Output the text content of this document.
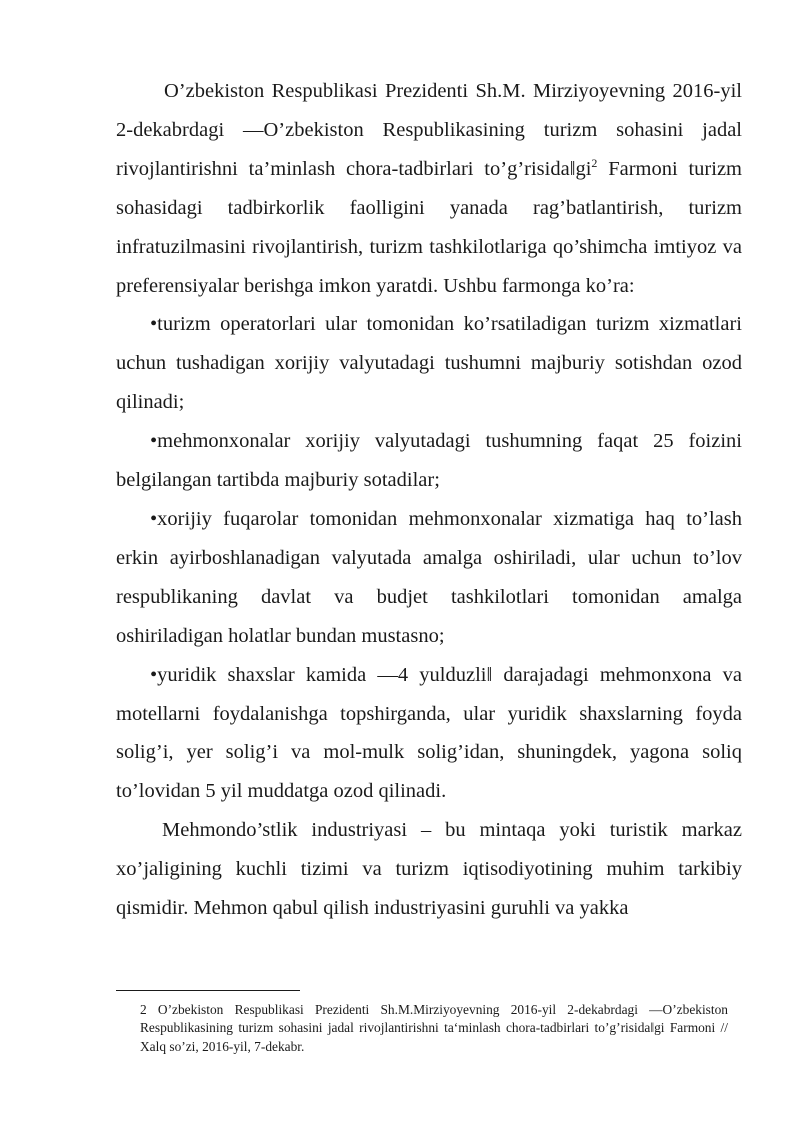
O’zbekiston Respublikasi Prezidenti Sh.M. Mirziyoyevning 2016-yil 2-dekabrdagi ―O’zbekiston Respublikasining turizm sohasini jadal rivojlantirishni ta’minlash chora-tadbirlari $to’g’risida‖gi^2$ Farmoni turizm sohasidagi tadbirkorlik faolligini yanada rag’batlantirish, turizm infratuzilmasini rivojlantirish, turizm tashkilotlariga qo’shimcha imtiyoz va preferensiyalar berishga imkon yaratdi. Ushbu farmonga ko’ra:

•turizm operatorlari ular tomonidan ko’rsatiladigan turizm xizmatlari uchun tushadigan xorijiy valyutadagi tushumni majburiy sotishdan ozod qilinadi;

•mehmonxonalar xorijiy valyutadagi tushumning faqat 25 foizini belgilangan tartibda majburiy sotadilar;

•xorijiy fuqarolar tomonidan mehmonxonalar xizmatiga haq to’lash erkin ayirboshlanadigan valyutada amalga oshiriladi, ular uchun to’lov respublikaning davlat va budjet tashkilotlari tomonidan amalga oshiriladigan holatlar bundan mustasno;

•yuridik shaxslar kamida ―4 yulduzli‖ darajadagi mehmonxona va motellarni foydalanishga topshirganda, ular yuridik shaxslarning foyda solig’i, yer solig’i va mol-mulk solig’idan, shuningdek, yagona soliq to’lovidan 5 yil muddatga ozod qilinadi.

Mehmondo’stlik industriyasi – bu mintaqa yoki turistik markaz xo’jaligining kuchli tizimi va turizm iqtisodiyotining muhim tarkibiy qismidir. Mehmon qabul qilish industriyasini guruhli va yakka

2 O’zbekiston Respublikasi Prezidenti Sh.M.Mirziyoyevning 2016-yil 2-dekabrdagi ―O’zbekiston Respublikasining turizm sohasini jadal rivojlantirishni ta‘minlash chora-tadbirlari to’g’risida‖gi Farmoni // Xalq so’zi, 2016-yil, 7-dekabr.
